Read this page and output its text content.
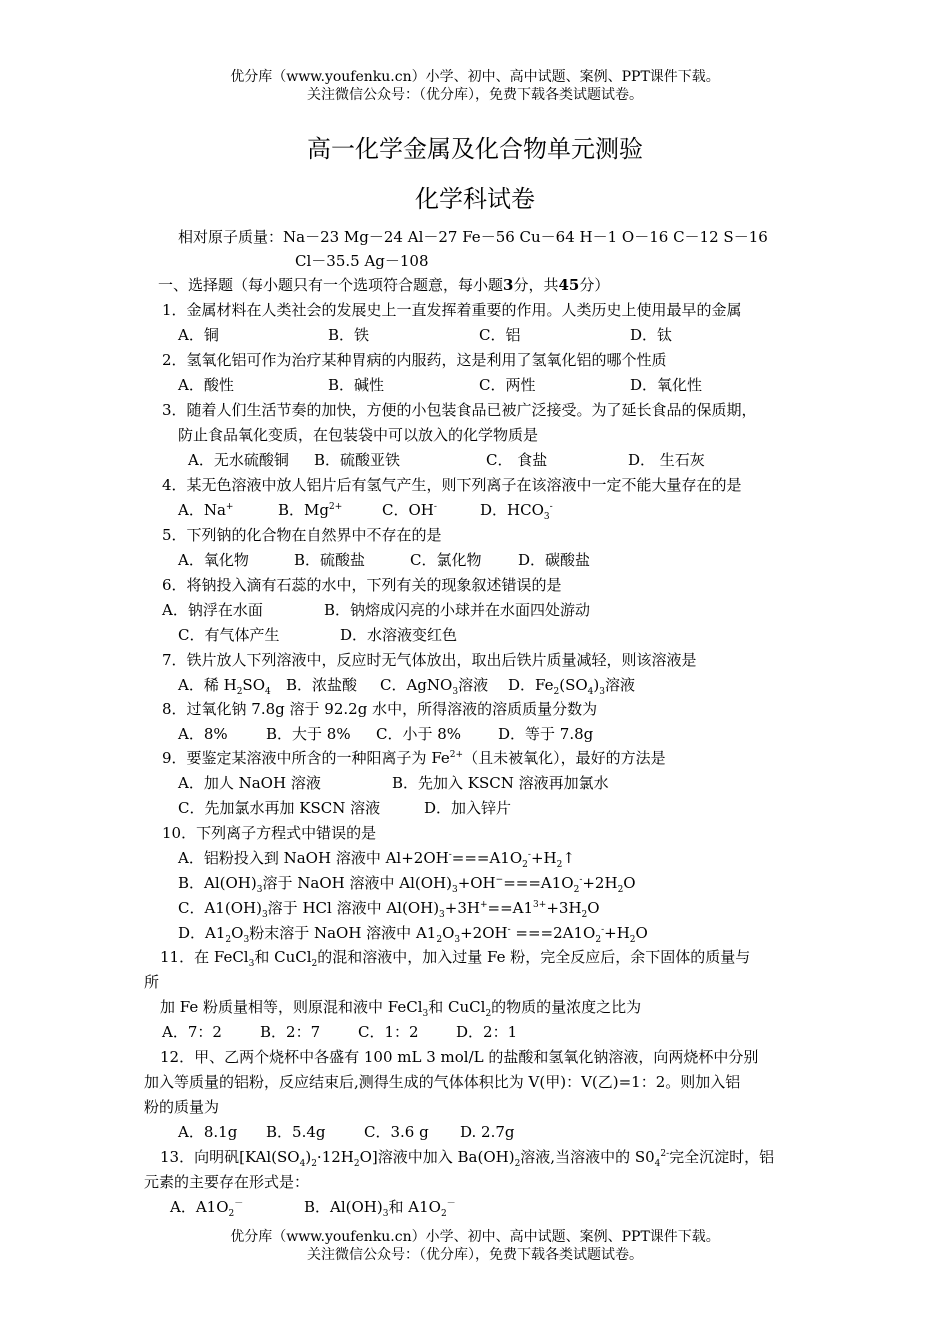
优分库（www.youfenku.cn）小学、初中、高中试题、案例、PPT课件下载。
关注微信公众号：（优分库），免费下载各类试题试卷。
高一化学金属及化合物单元测验
化学科试卷
相对原子质量：Na－23 Mg－24 Al－27 Fe－56 Cu－64 H－1 O－16 C－12 S－16
Cl－35.5 Ag－108
一、选择题（每小题只有一个选项符合题意，每小题3分，共45分）
1．金属材料在人类社会的发展史上一直发挥着重要的作用。人类历史上使用最早的金属
A．铜	B．铁	C．铝	D．钛
2．氢氧化铝可作为治疗某种胃病的内服药，这是利用了氢氧化铝的哪个性质
A．酸性	B．碱性	C．两性	D．氧化性
3．随着人们生活节奏的加快，方便的小包装食品已被广泛接受。为了延长食品的保质期，
防止食品氧化变质，在包装袋中可以放入的化学物质是
A．无水硫酸铜 B．硫酸亚铁	C． 食盐	D． 生石灰
4．某无色溶液中放人铝片后有氢气产生，则下列离子在该溶液中一定不能大量存在的是
A．Na+	B．$Mg^{2+}$	C．OH-	D．$HCO_3^-$
5．下列钠的化合物在自然界中不存在的是
A．氧化物	B．硫酸盐	C．氯化物 D．碳酸盐
6．将钠投入滴有石蕊的水中，下列有关的现象叙述错误的是
A．钠浮在水面	B．钠熔成闪亮的小球并在水面四处游动
C．有气体产生	D．水溶液变红色
7．铁片放人下列溶液中，反应时无气体放出，取出后铁片质量减轻，则该溶液是
A．稀 $H_2SO_4$ B．浓盐酸 C．AgNO$_3$溶液 D．$Fe_2(SO_4)_3$溶液
8．过氧化钠 7.8g 溶于 92.2g 水中，所得溶液的溶质质量分数为
A．8%	B．大于 8% C．小于 8% D．等于 7.8g
9．要鉴定某溶液中所含的一种阳离子为 $Fe^{2+}$（且未被氧化），最好的方法是
A．加人 NaOH 溶液	B．先加入 KSCN 溶液再加氯水
C．先加氯水再加 KSCN 溶液	D．加入锌片
10．下列离子方程式中错误的是
A．铝粉投入到 NaOH 溶液中 $Al+2OH^-===A1O_2^-+H_2↑$
B．$Al(OH)_3$溶于 NaOH 溶液中 $Al(OH)_3+OH^-===A1O_2^-+2H_2O$
C．$A1(OH)_3$溶于 HCl 溶液中 $Al(OH)_3+3H^+==A1^{3+}+3H_2O$
D．$A1_2O_3$粉末溶于 NaOH 溶液中 $A1_2O_3+2OH^- ===2A1O_2^-+H_2O$
11．在 FeCl$_3$和 CuCl$_2$的混和溶液中，加入过量 Fe 粉，完全反应后，余下固体的质量与
所
加 Fe 粉质量相等，则原混和液中 FeCl$_3$和 CuCl$_2$的物质的量浓度之比为
A．7：2	B．2：7	C．1：2 D．2：1
12．甲、乙两个烧杯中各盛有 100 mL 3 mol/L 的盐酸和氢氧化钠溶液，向两烧杯中分别
加入等质量的铝粉，反应结束后,测得生成的气体体积比为 V(甲)：V(乙)=1：2。则加入铝
粉的质量为
A．8.1g B．5.4g	C．3.6 g D. 2.7g
13．向明矾$[KAl(SO_4)_2\cdot 12H_2O]$溶液中加入 $Ba(OH)_2$溶液,当溶液中的 $S0_4^{2-}$完全沉淀时，铝
元素的主要存在形式是：
A．$A1O_2^-$	B．$Al(OH)_3$和 $A1O_2^-$
优分库（www.youfenku.cn）小学、初中、高中试题、案例、PPT课件下载。
关注微信公众号：（优分库），免费下载各类试题试卷。
